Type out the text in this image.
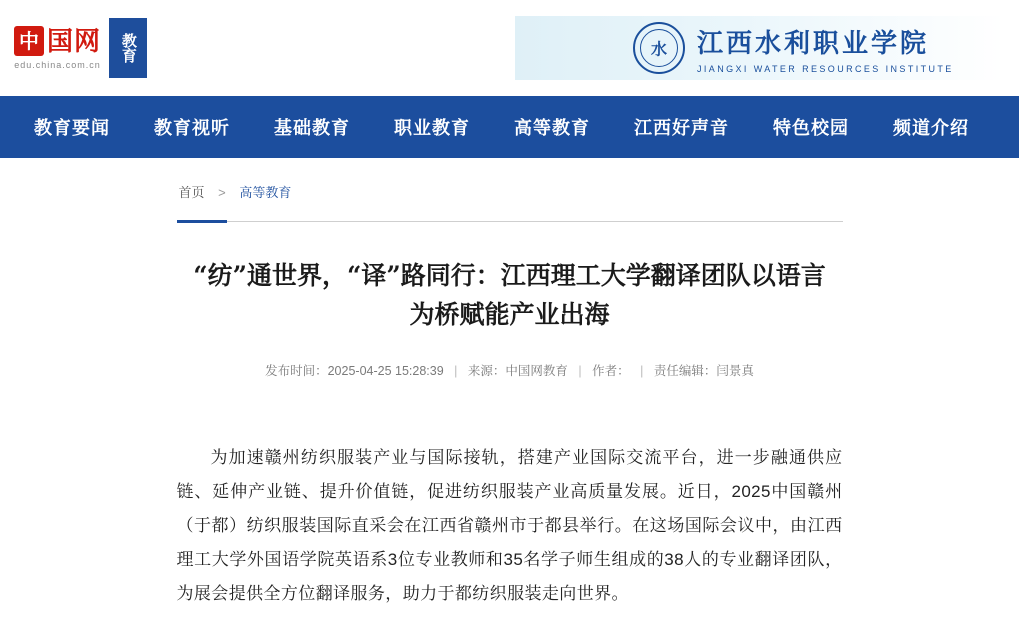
中 国网
edu.china.com.cn
教育	水	江西水利职业学院
JIANGXI WATER RESOURCES INSTITUTE
教育要闻 教育视听 基础教育 职业教育 高等教育 江西好声音 特色校园 频道介绍
首页 > 高等教育
“纺”通世界，“译”路同行：江西理工大学翻译团队以语言为桥赋能产业出海
发布时间：2025-04-25 15:28:39 | 来源：中国网教育 | 作者： | 责任编辑：闫景真

为加速赣州纺织服装产业与国际接轨，搭建产业国际交流平台，进一步融通供应链、延伸产业链、提升价值链，促进纺织服装产业高质量发展。近日，2025中国赣州（于都）纺织服装国际直采会在江西省赣州市于都县举行。在这场国际会议中，由江西理工大学外国语学院英语系3位专业教师和35名学子师生组成的38人的专业翻译团队，为展会提供全方位翻译服务，助力于都纺织服装走向世界。
